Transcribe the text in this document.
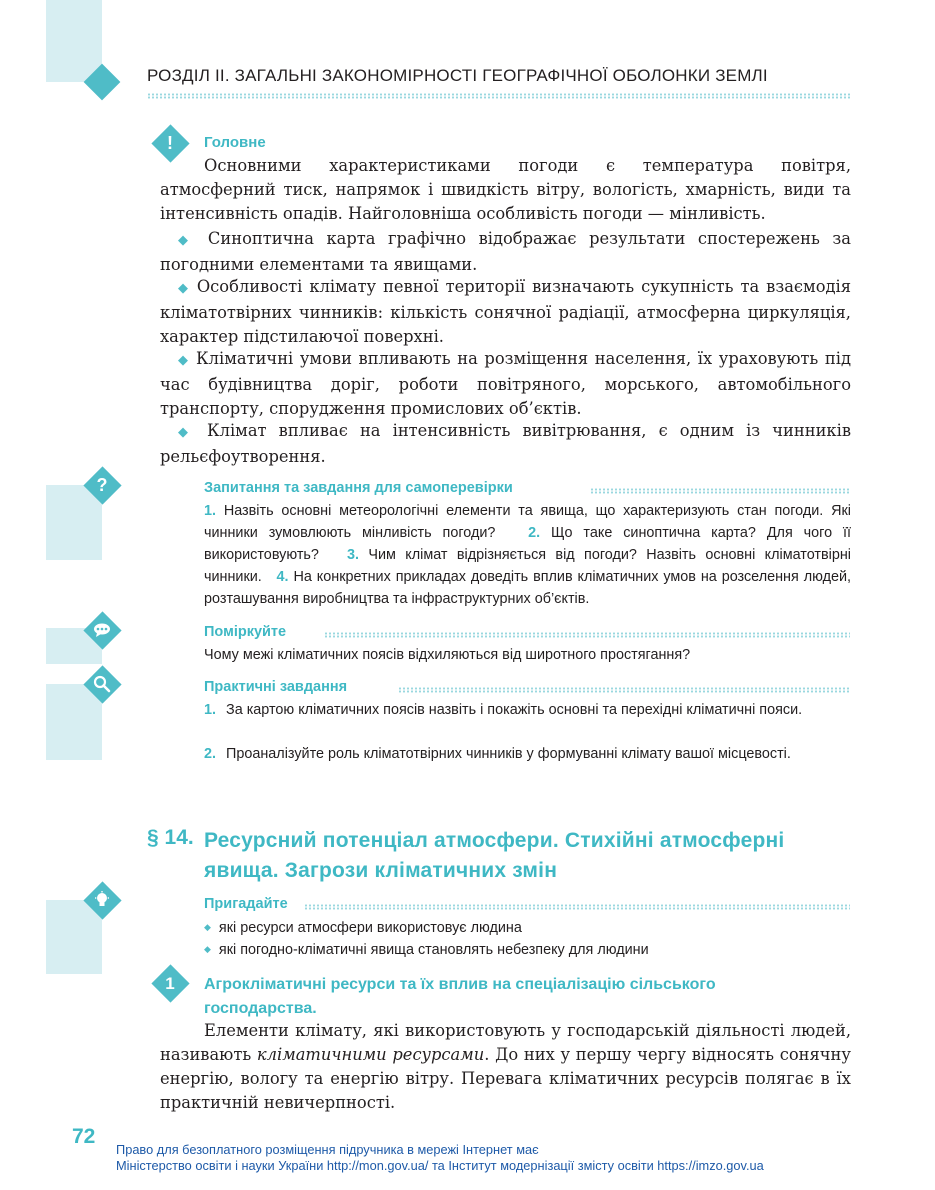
РОЗДІЛ ІІ. ЗАГАЛЬНІ ЗАКОНОМІРНОСТІ ГЕОГРАФІЧНОЇ ОБОЛОНКИ ЗЕМЛІ
! Головне

Основними характеристиками погоди є температура повітря, атмосферний тиск, напрямок і швидкість вітру, вологість, хмарність, види та інтенсивність опадів. Найголовніша особливість погоди — мінливість.

◆ Синоптична карта графічно відображає результати спостережень за погодними елементами та явищами.

◆ Особливості клімату певної території визначають сукупність та взаємодія кліматотвірних чинників: кількість сонячної радіації, атмосферна циркуляція, характер підстилаючої поверхні.

◆ Кліматичні умови впливають на розміщення населення, їх ураховують під час будівництва доріг, роботи повітряного, морського, автомобільного транспорту, спорудження промислових об’єктів.

◆ Клімат впливає на інтенсивність вивітрювання, є одним із чинників рельєфоутворення.

?	Запитання та завдання для самоперевірки

1. Назвіть основні метеорологічні елементи та явища, що характеризують стан погоди. Які чинники зумовлюють мінливість погоди? 2. Що таке синоптична карта? Для чого її використовують? 3. Чим клімат відрізняється від погоди? Назвіть основні кліматотвірні чинники. 4. На конкретних прикладах доведіть вплив кліматичних умов на розселення людей, розташування виробництва та інфраструктурних об’єктів.

Поміркуйте

Чому межі кліматичних поясів відхиляються від широтного простягання?

Практичні завдання
1. За картою кліматичних поясів назвіть і покажіть основні та перехідні кліматичні пояси.
2. Проаналізуйте роль кліматотвірних чинників у формуванні клімату вашої місцевості.
§ 14. Ресурсний потенціал атмосфери. Стихійні атмосферні явища. Загрози кліматичних змін
Пригадайте
◆ які ресурси атмосфери використовує людина
◆ які погодно-кліматичні явища становлять небезпеку для людини
1 Агрокліматичні ресурси та їх вплив на спеціалізацію сільського господарства.

Елементи клімату, які використовують у господарській діяльності людей, називають кліматичними ресурсами. До них у першу чергу відносять сонячну енергію, вологу та енергію вітру. Перевага кліматичних ресурсів полягає в їх практичній невичерпності.

72
Право для безоплатного розміщення підручника в мережі Інтернет має
Міністерство освіти і науки України http://mon.gov.ua/ та Інститут модернізації змісту освіти https://imzo.gov.ua
